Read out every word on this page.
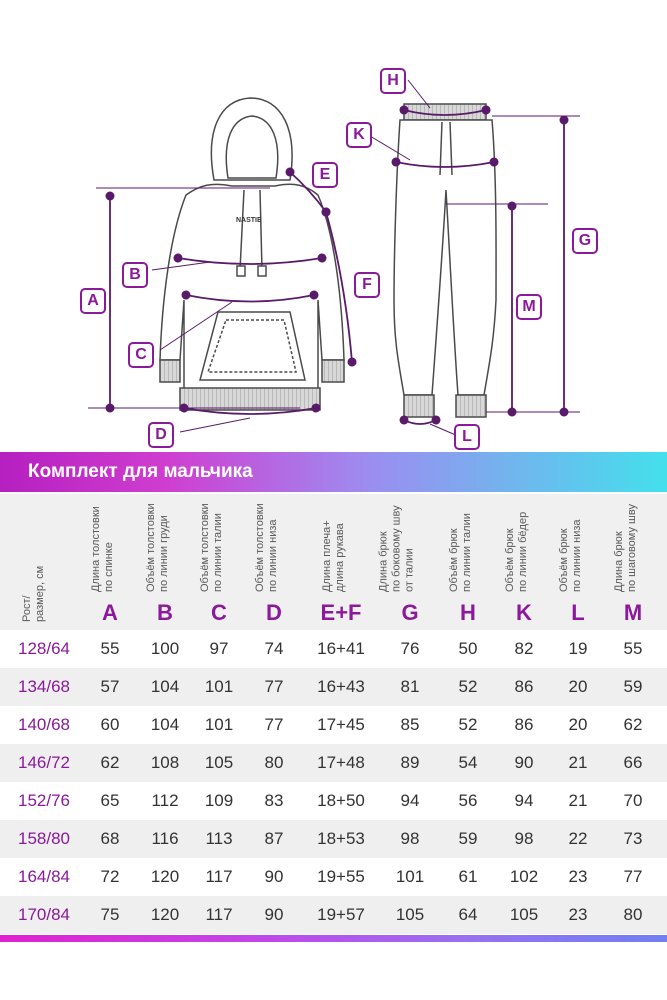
NASTIE
A
B
C
D
E
F
H
K
G
M
L
Комплект для мальчика
Рост/ размер, см
Длина толстовки по спинке
A
Объём толстовки по линии груди
B
Объём толстовки по линии талии
C
Объём толстовки по линии низа
D
Длина плеча+ длина рукава
E+F
Длина брюк по боковому шву от талии
G
Объём брюк по линии талии
H
Объём брюк по линии бёдер
K
Объём брюк по линии низа
L
Длина брюк по шаговому шву
M
128/64	55	100	97	74	16+41	76	50	82	19	55
134/68	57	104	101	77	16+43	81	52	86	20	59
140/68	60	104	101	77	17+45	85	52	86	20	62
146/72	62	108	105	80	17+48	89	54	90	21	66
152/76	65	112	109	83	18+50	94	56	94	21	70
158/80	68	116	113	87	18+53	98	59	98	22	73
164/84	72	120	117	90	19+55	101	61	102	23	77
170/84	75	120	117	90	19+57	105	64	105	23	80
